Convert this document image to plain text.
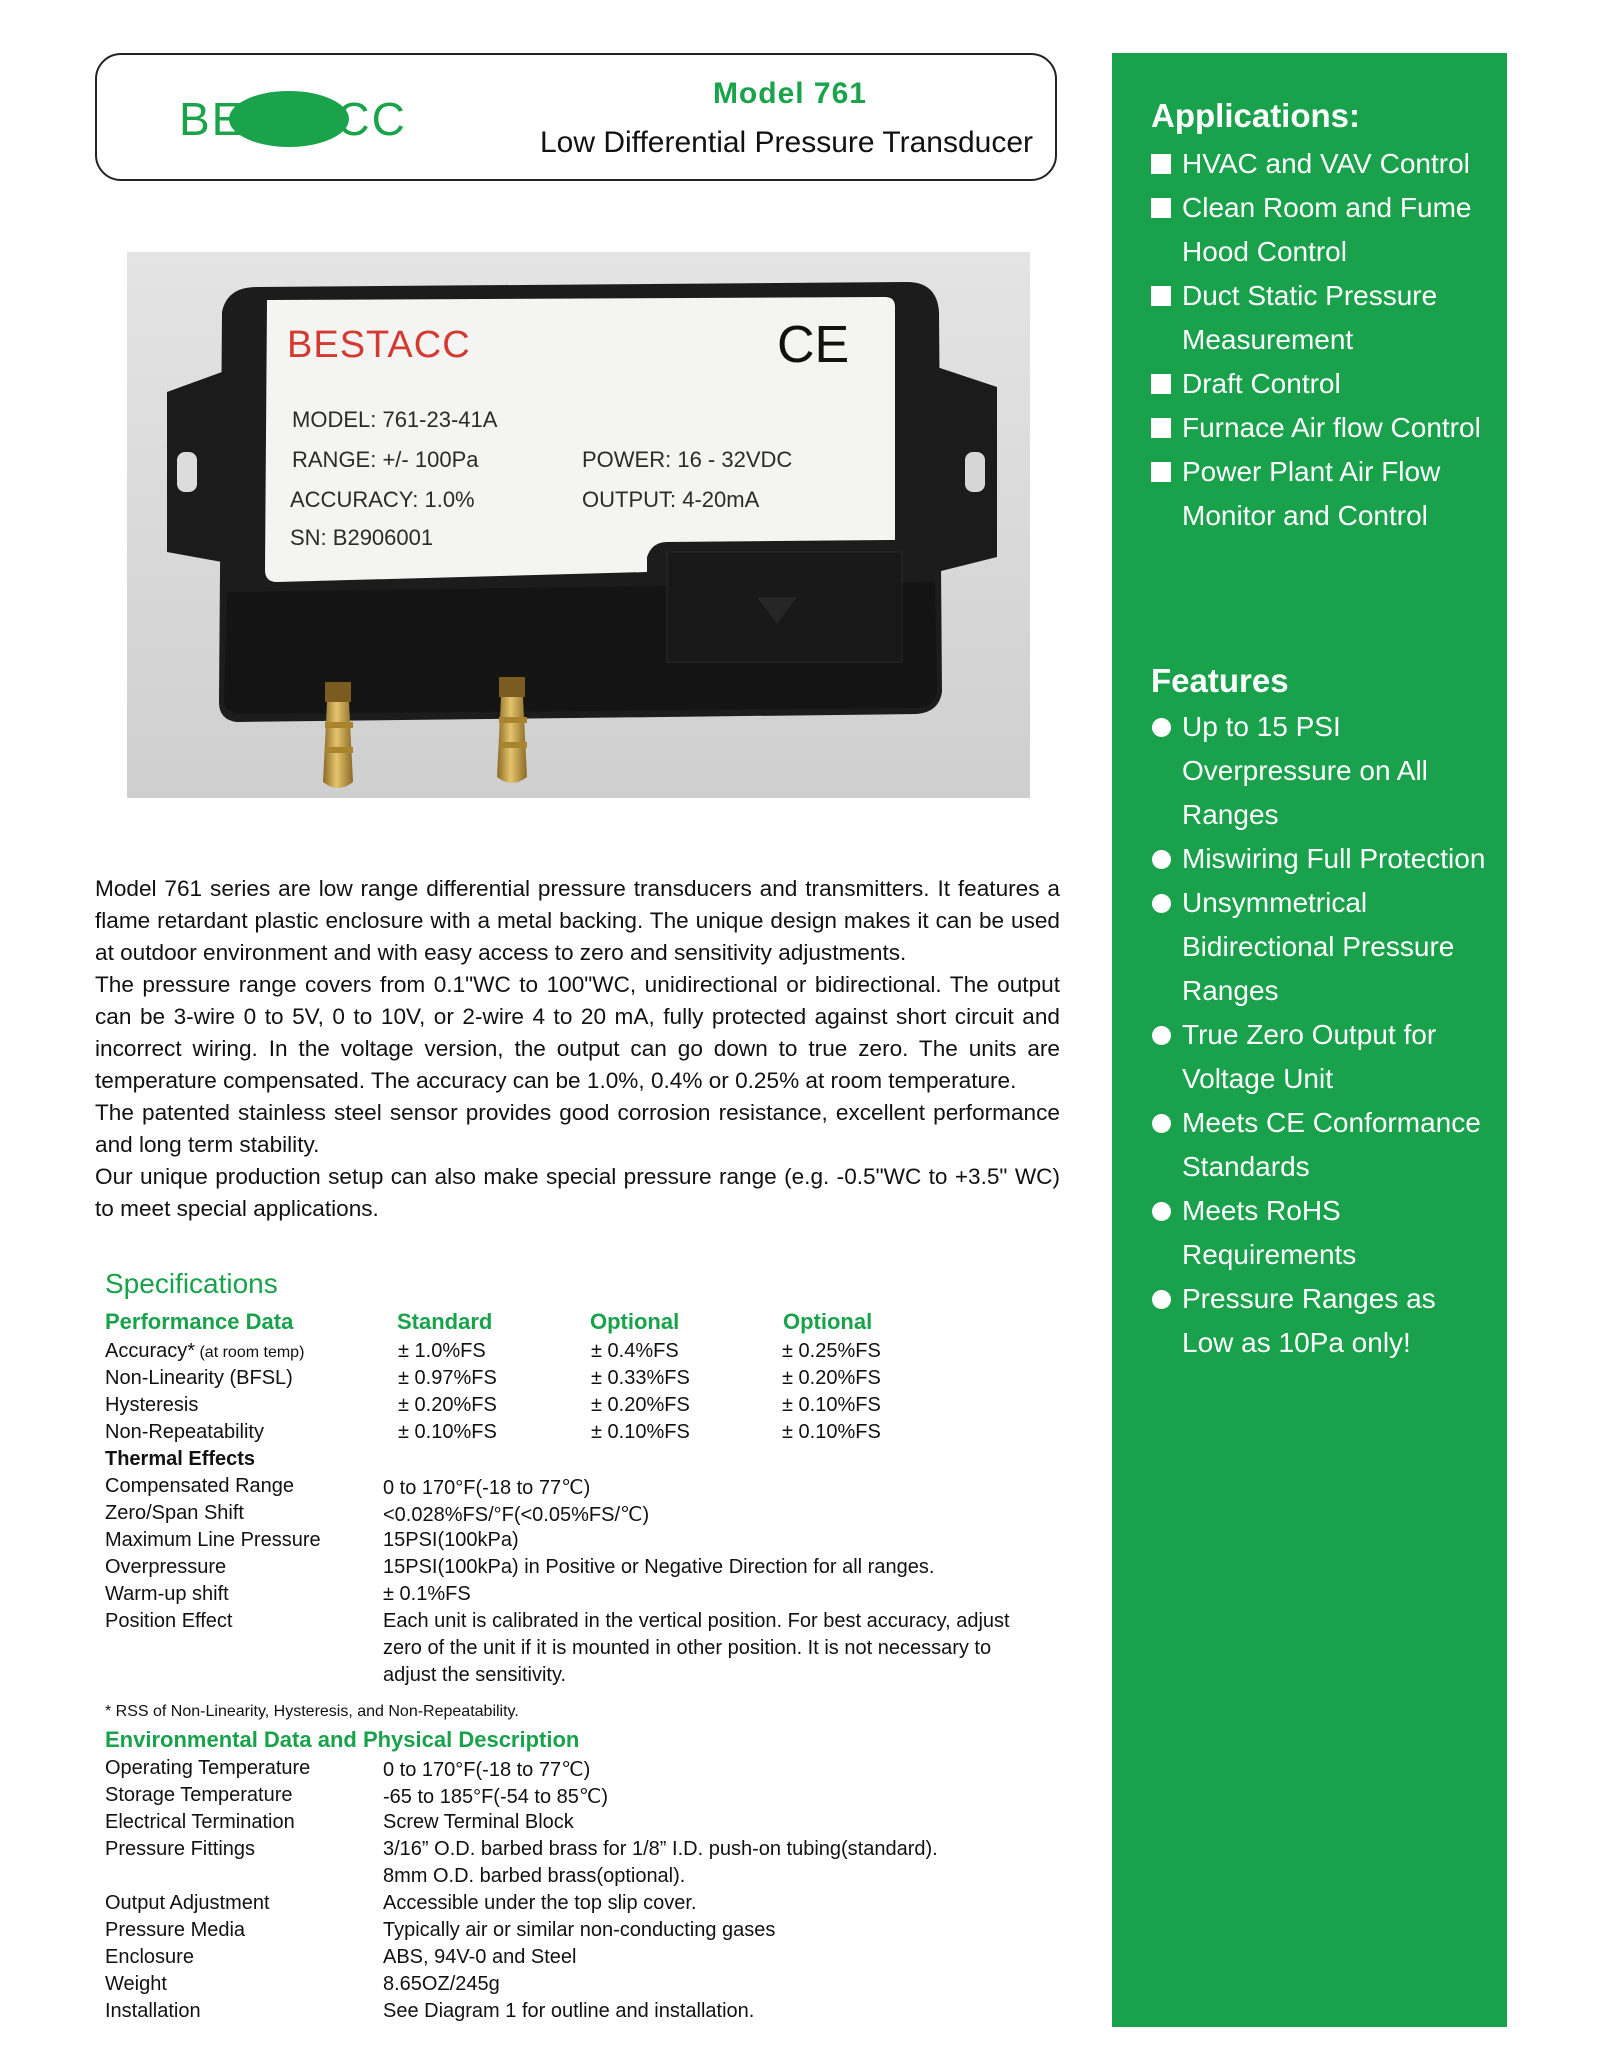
BESTACC	Model 761
Low Differential Pressure Transducer
BESTACC	CE
MODEL: 761-23-41A
RANGE: +/- 100Pa	POWER: 16 - 32VDC
ACCURACY: 1.0%	OUTPUT: 4-20mA
SN: B2906001
Applications:
HVAC and VAV Control
Clean Room and Fume
Hood Control
Duct Static Pressure
Measurement
Draft Control
Furnace Air flow Control
Power Plant Air Flow
Monitor and Control
Features
Up to 15 PSI
Overpressure on All
Ranges
Miswiring Full Protection
Unsymmetrical
Bidirectional Pressure
Ranges
True Zero Output for
Voltage Unit
Meets CE Conformance
Standards
Meets RoHS
Requirements
Pressure Ranges as
Low as 10Pa only!

Model 761 series are low range differential pressure transducers and transmitters. It features a flame retardant plastic enclosure with a metal backing. The unique design makes it can be used at outdoor environment and with easy access to zero and sensitivity adjustments.

The pressure range covers from 0.1"WC to 100"WC, unidirectional or bidirectional. The output can be 3-wire 0 to 5V, 0 to 10V, or 2-wire 4 to 20 mA, fully protected against short circuit and incorrect wiring. In the voltage version, the output can go down to true zero. The units are temperature compensated. The accuracy can be 1.0%, 0.4% or 0.25% at room temperature.

The patented stainless steel sensor provides good corrosion resistance, excellent performance and long term stability.

Our unique production setup can also make special pressure range (e.g. -0.5"WC to +3.5" WC) to meet special applications.

Specifications
Performance Data	Standard	Optional	Optional
Accuracy* (at room temp)	± 1.0%FS	± 0.4%FS	± 0.25%FS
Non-Linearity (BFSL)	± 0.97%FS	± 0.33%FS	± 0.20%FS
Hysteresis	± 0.20%FS	± 0.20%FS	± 0.10%FS
Non-Repeatability	± 0.10%FS	± 0.10%FS	± 0.10%FS
Thermal Effects
Compensated Range	0 to 170°F(-18 to 77℃)
Zero/Span Shift	<0.028%FS/°F(<0.05%FS/℃)
Maximum Line Pressure	15PSI(100kPa)
Overpressure	15PSI(100kPa) in Positive or Negative Direction for all ranges.
Warm-up shift	± 0.1%FS
Position Effect	Each unit is calibrated in the vertical position. For best accuracy, adjust
zero of the unit if it is mounted in other position. It is not necessary to
adjust the sensitivity.
Environmental Data and Physical Description
Operating Temperature	0 to 170°F(-18 to 77℃)
Storage Temperature	-65 to 185°F(-54 to 85℃)
Electrical Termination	Screw Terminal Block
Pressure Fittings	3/16” O.D. barbed brass for 1/8” I.D. push-on tubing(standard).
8mm O.D. barbed brass(optional).
Output Adjustment	Accessible under the top slip cover.
Pressure Media	Typically air or similar non-conducting gases
Enclosure	ABS, 94V-0 and Steel
Weight	8.65OZ/245g
Installation	See Diagram 1 for outline and installation.
* RSS of Non-Linearity, Hysteresis, and Non-Repeatability.
